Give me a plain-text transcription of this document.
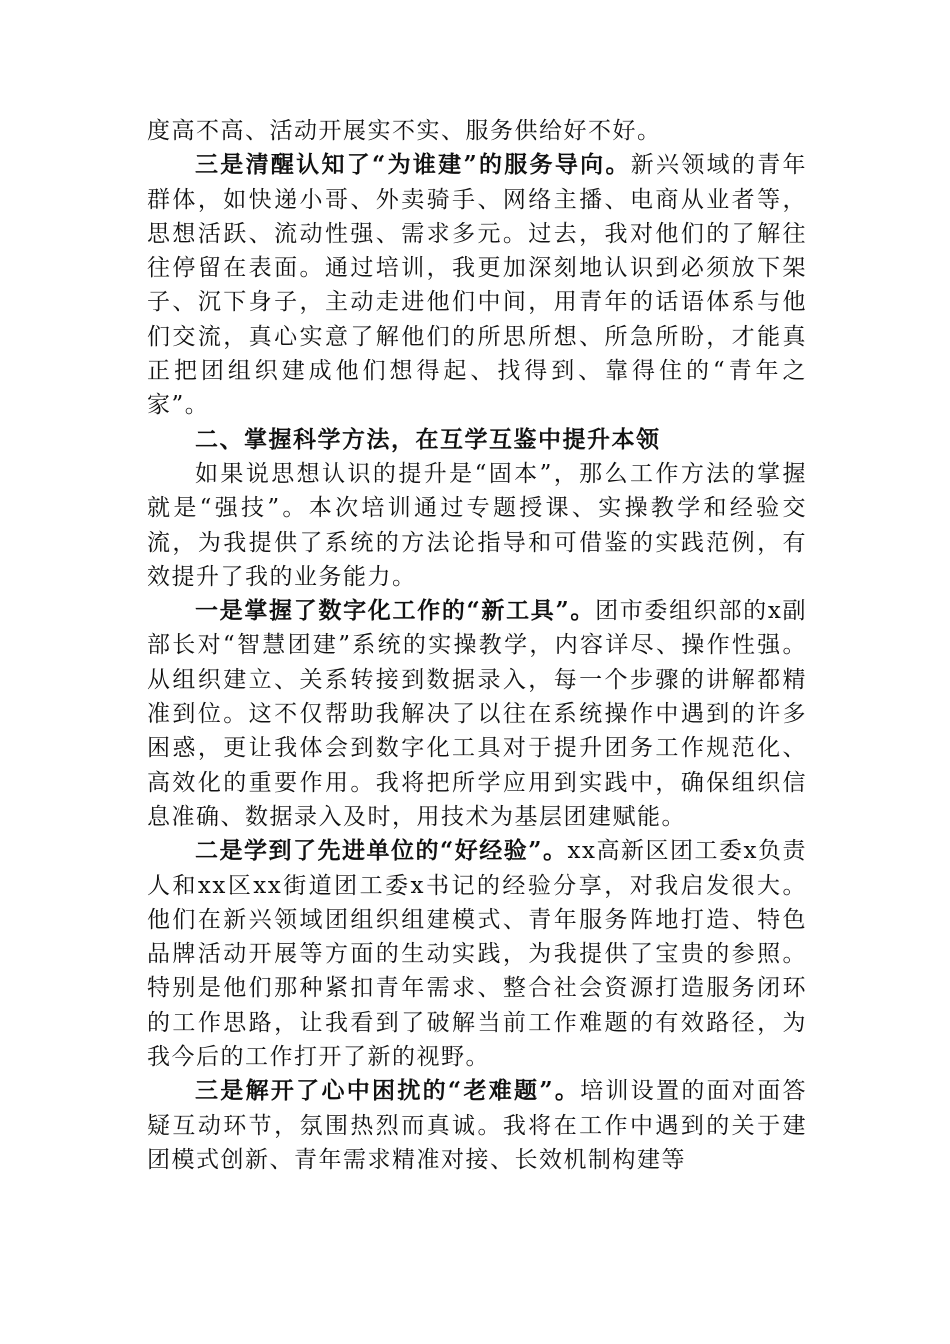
度高不高、活动开展实不实、服务供给好不好。

三是清醒认知了“为谁建”的服务导向。新兴领域的青年群体，如快递小哥、外卖骑手、网络主播、电商从业者等，思想活跃、流动性强、需求多元。过去，我对他们的了解往往停留在表面。通过培训，我更加深刻地认识到必须放下架子、沉下身子，主动走进他们中间，用青年的话语体系与他们交流，真心实意了解他们的所思所想、所急所盼，才能真正把团组织建成他们想得起、找得到、靠得住的“青年之家”。

二、掌握科学方法，在互学互鉴中提升本领

如果说思想认识的提升是“固本”，那么工作方法的掌握就是“强技”。本次培训通过专题授课、实操教学和经验交流，为我提供了系统的方法论指导和可借鉴的实践范例，有效提升了我的业务能力。

一是掌握了数字化工作的“新工具”。团市委组织部的x副部长对“智慧团建”系统的实操教学，内容详尽、操作性强。从组织建立、关系转接到数据录入，每一个步骤的讲解都精准到位。这不仅帮助我解决了以往在系统操作中遇到的许多困惑，更让我体会到数字化工具对于提升团务工作规范化、高效化的重要作用。我将把所学应用到实践中，确保组织信息准确、数据录入及时，用技术为基层团建赋能。

二是学到了先进单位的“好经验”。xx高新区团工委x负责人和xx区xx街道团工委x书记的经验分享，对我启发很大。他们在新兴领域团组织组建模式、青年服务阵地打造、特色品牌活动开展等方面的生动实践，为我提供了宝贵的参照。特别是他们那种紧扣青年需求、整合社会资源打造服务闭环的工作思路，让我看到了破解当前工作难题的有效路径，为我今后的工作打开了新的视野。

三是解开了心中困扰的“老难题”。培训设置的面对面答疑互动环节，氛围热烈而真诚。我将在工作中遇到的关于建团模式创新、青年需求精准对接、长效机制构建等
